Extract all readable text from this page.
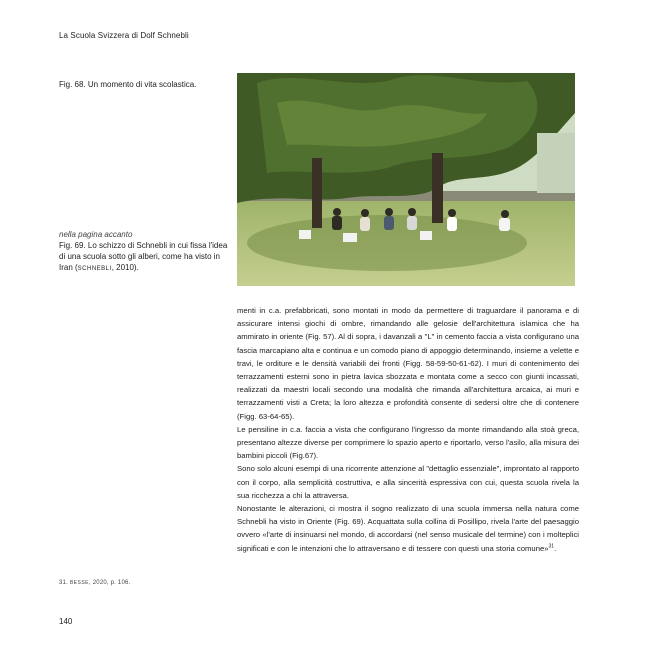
La Scuola Svizzera di Dolf Schnebli
Fig. 68. Un momento di vita scolastica.
nella pagina accanto
Fig. 69. Lo schizzo di Schnebli in cui fissa l'idea di una scuola sotto gli alberi, come ha visto in Iran (SCHNEBLI, 2010).

menti in c.a. prefabbricati, sono montati in modo da permettere di traguardare il panorama e di assicurare intensi giochi di ombre, rimandando alle gelosie dell'architettura islamica che ha ammirato in oriente (Fig. 57). Al di sopra, i davanzali a "L" in cemento faccia a vista configurano una fascia marcapiano alta e continua e un comodo piano di appoggio determinando, insieme a velette e travi, le orditure e le densità variabili dei fronti (Figg. 58-59-50-61-62). I muri di contenimento dei terrazzamenti esterni sono in pietra lavica sbozzata e montata come a secco con giunti incassati, realizzati da maestri locali secondo una modalità che rimanda all'architettura arcaica, ai muri e terrazzamenti visti a Creta; la loro altezza e profondità consente di sedersi oltre che di contenere (Figg. 63-64-65).

Le pensiline in c.a. faccia a vista che configurano l'ingresso da monte rimandando alla stoà greca, presentano altezze diverse per comprimere lo spazio aperto e riportarlo, verso l'asilo, alla misura dei bambini piccoli (Fig.67).

Sono solo alcuni esempi di una ricorrente attenzione al "dettaglio essenziale", improntato al rapporto con il corpo, alla semplicità costruttiva, e alla sincerità espressiva con cui, questa scuola rivela la sua ricchezza a chi la attraversa.

Nonostante le alterazioni, ci mostra il sogno realizzato di una scuola immersa nella natura come Schnebli ha visto in Oriente (Fig. 69). Acquattata sulla collina di Posillipo, rivela l'arte del paesaggio ovvero «l'arte di insinuarsi nel mondo, di accordarsi (nel senso musicale del termine) con i molteplici significati e con le intenzioni che lo attraversano e di tessere con questi una storia comune»$^{31}$.

31. BESSE, 2020, p. 106.
140
